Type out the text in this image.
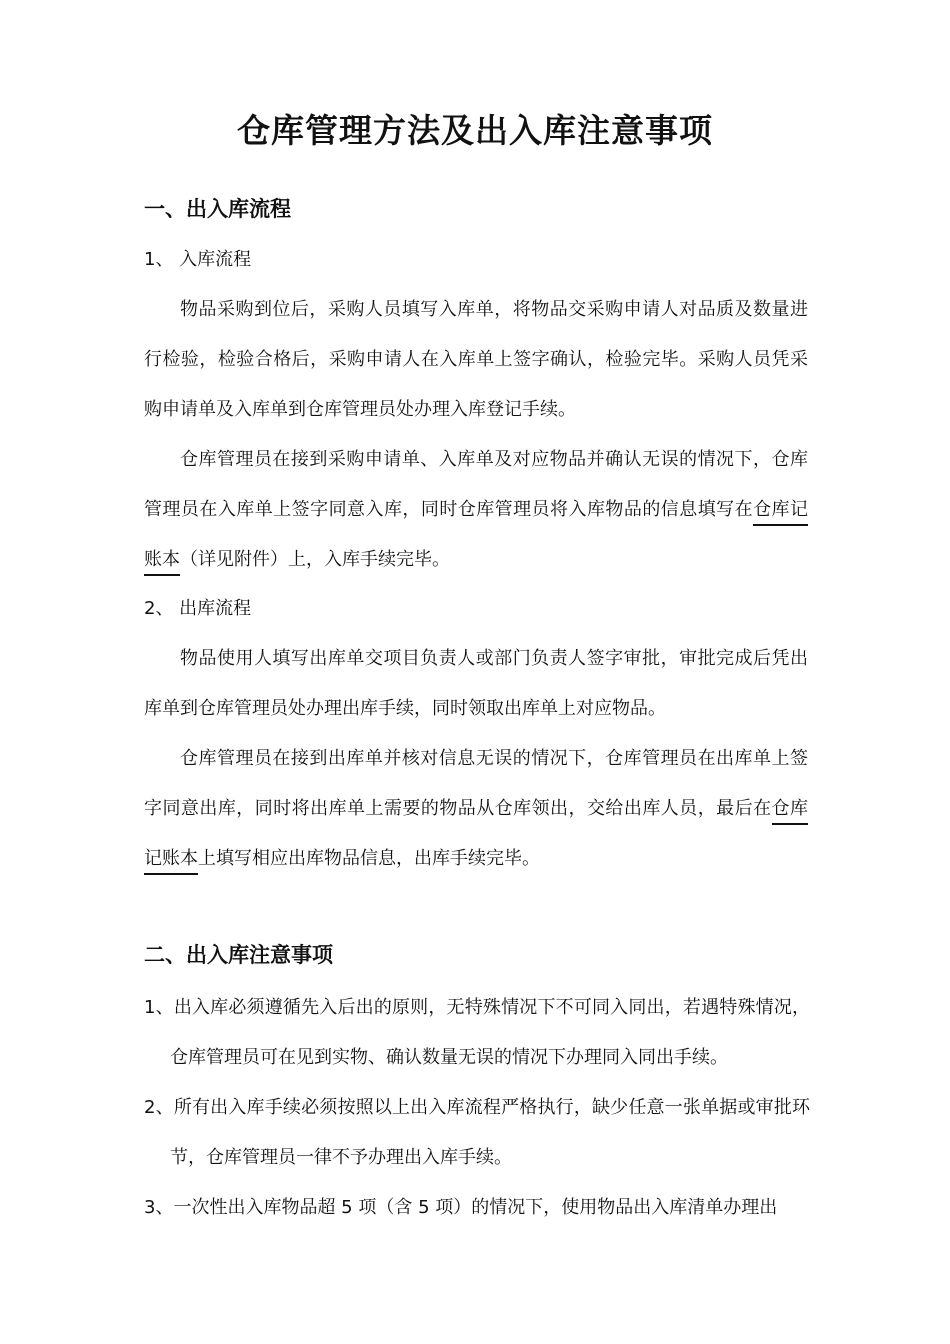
仓库管理方法及出入库注意事项
一、出入库流程
1、 入库流程
物品采购到位后，采购人员填写入库单，将物品交采购申请人对品质及数量进行检验，检验合格后，采购申请人在入库单上签字确认，检验完毕。采购人员凭采购申请单及入库单到仓库管理员处办理入库登记手续。
仓库管理员在接到采购申请单、入库单及对应物品并确认无误的情况下，仓库管理员在入库单上签字同意入库，同时仓库管理员将入库物品的信息填写在仓库记账本（详见附件）上，入库手续完毕。
2、 出库流程
物品使用人填写出库单交项目负责人或部门负责人签字审批，审批完成后凭出库单到仓库管理员处办理出库手续，同时领取出库单上对应物品。
仓库管理员在接到出库单并核对信息无误的情况下，仓库管理员在出库单上签字同意出库，同时将出库单上需要的物品从仓库领出，交给出库人员，最后在仓库记账本上填写相应出库物品信息，出库手续完毕。
二、出入库注意事项
1、出入库必须遵循先入后出的原则，无特殊情况下不可同入同出，若遇特殊情况，仓库管理员可在见到实物、确认数量无误的情况下办理同入同出手续。
2、所有出入库手续必须按照以上出入库流程严格执行，缺少任意一张单据或审批环节，仓库管理员一律不予办理出入库手续。
3、一次性出入库物品超 5 项（含 5 项）的情况下，使用物品出入库清单办理出
